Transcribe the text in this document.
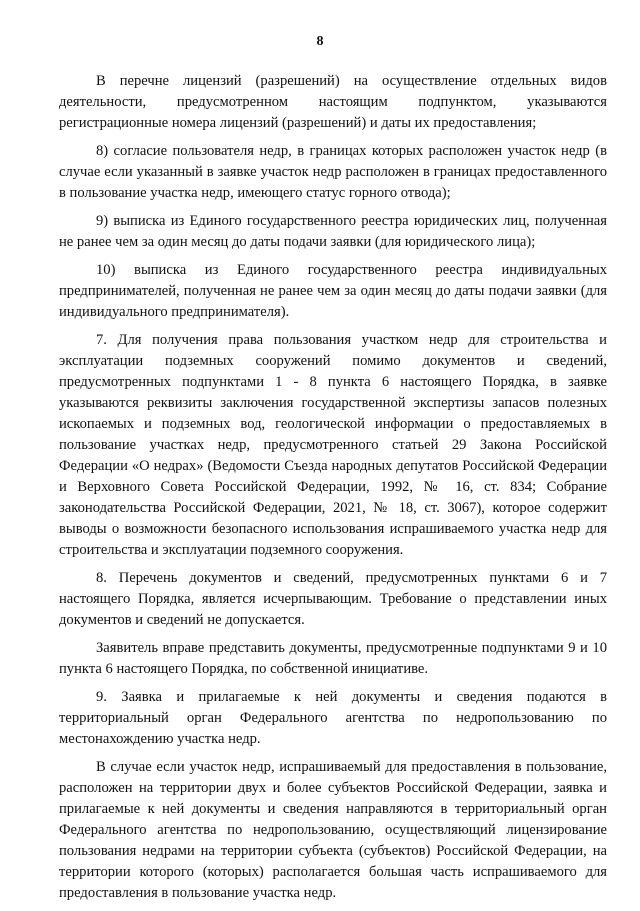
8

В перечне лицензий (разрешений) на осуществление отдельных видов деятельности, предусмотренном настоящим подпунктом, указываются регистрационные номера лицензий (разрешений) и даты их предоставления;

8) согласие пользователя недр, в границах которых расположен участок недр (в случае если указанный в заявке участок недр расположен в границах предоставленного в пользование участка недр, имеющего статус горного отвода);

9) выписка из Единого государственного реестра юридических лиц, полученная не ранее чем за один месяц до даты подачи заявки (для юридического лица);

10) выписка из Единого государственного реестра индивидуальных предпринимателей, полученная не ранее чем за один месяц до даты подачи заявки (для индивидуального предпринимателя).

7. Для получения права пользования участком недр для строительства и эксплуатации подземных сооружений помимо документов и сведений, предусмотренных подпунктами 1 - 8 пункта 6 настоящего Порядка, в заявке указываются реквизиты заключения государственной экспертизы запасов полезных ископаемых и подземных вод, геологической информации о предоставляемых в пользование участках недр, предусмотренного статьей 29 Закона Российской Федерации «О недрах» (Ведомости Съезда народных депутатов Российской Федерации и Верховного Совета Российской Федерации, 1992, № 16, ст. 834; Собрание законодательства Российской Федерации, 2021, № 18, ст. 3067), которое содержит выводы о возможности безопасного использования испрашиваемого участка недр для строительства и эксплуатации подземного сооружения.

8. Перечень документов и сведений, предусмотренных пунктами 6 и 7 настоящего Порядка, является исчерпывающим. Требование о представлении иных документов и сведений не допускается.

Заявитель вправе представить документы, предусмотренные подпунктами 9 и 10 пункта 6 настоящего Порядка, по собственной инициативе.

9. Заявка и прилагаемые к ней документы и сведения подаются в территориальный орган Федерального агентства по недропользованию по местонахождению участка недр.

В случае если участок недр, испрашиваемый для предоставления в пользование, расположен на территории двух и более субъектов Российской Федерации, заявка и прилагаемые к ней документы и сведения направляются в территориальный орган Федерального агентства по недропользованию, осуществляющий лицензирование пользования недрами на территории субъекта (субъектов) Российской Федерации, на территории которого (которых) располагается большая часть испрашиваемого для предоставления в пользование участка недр.
